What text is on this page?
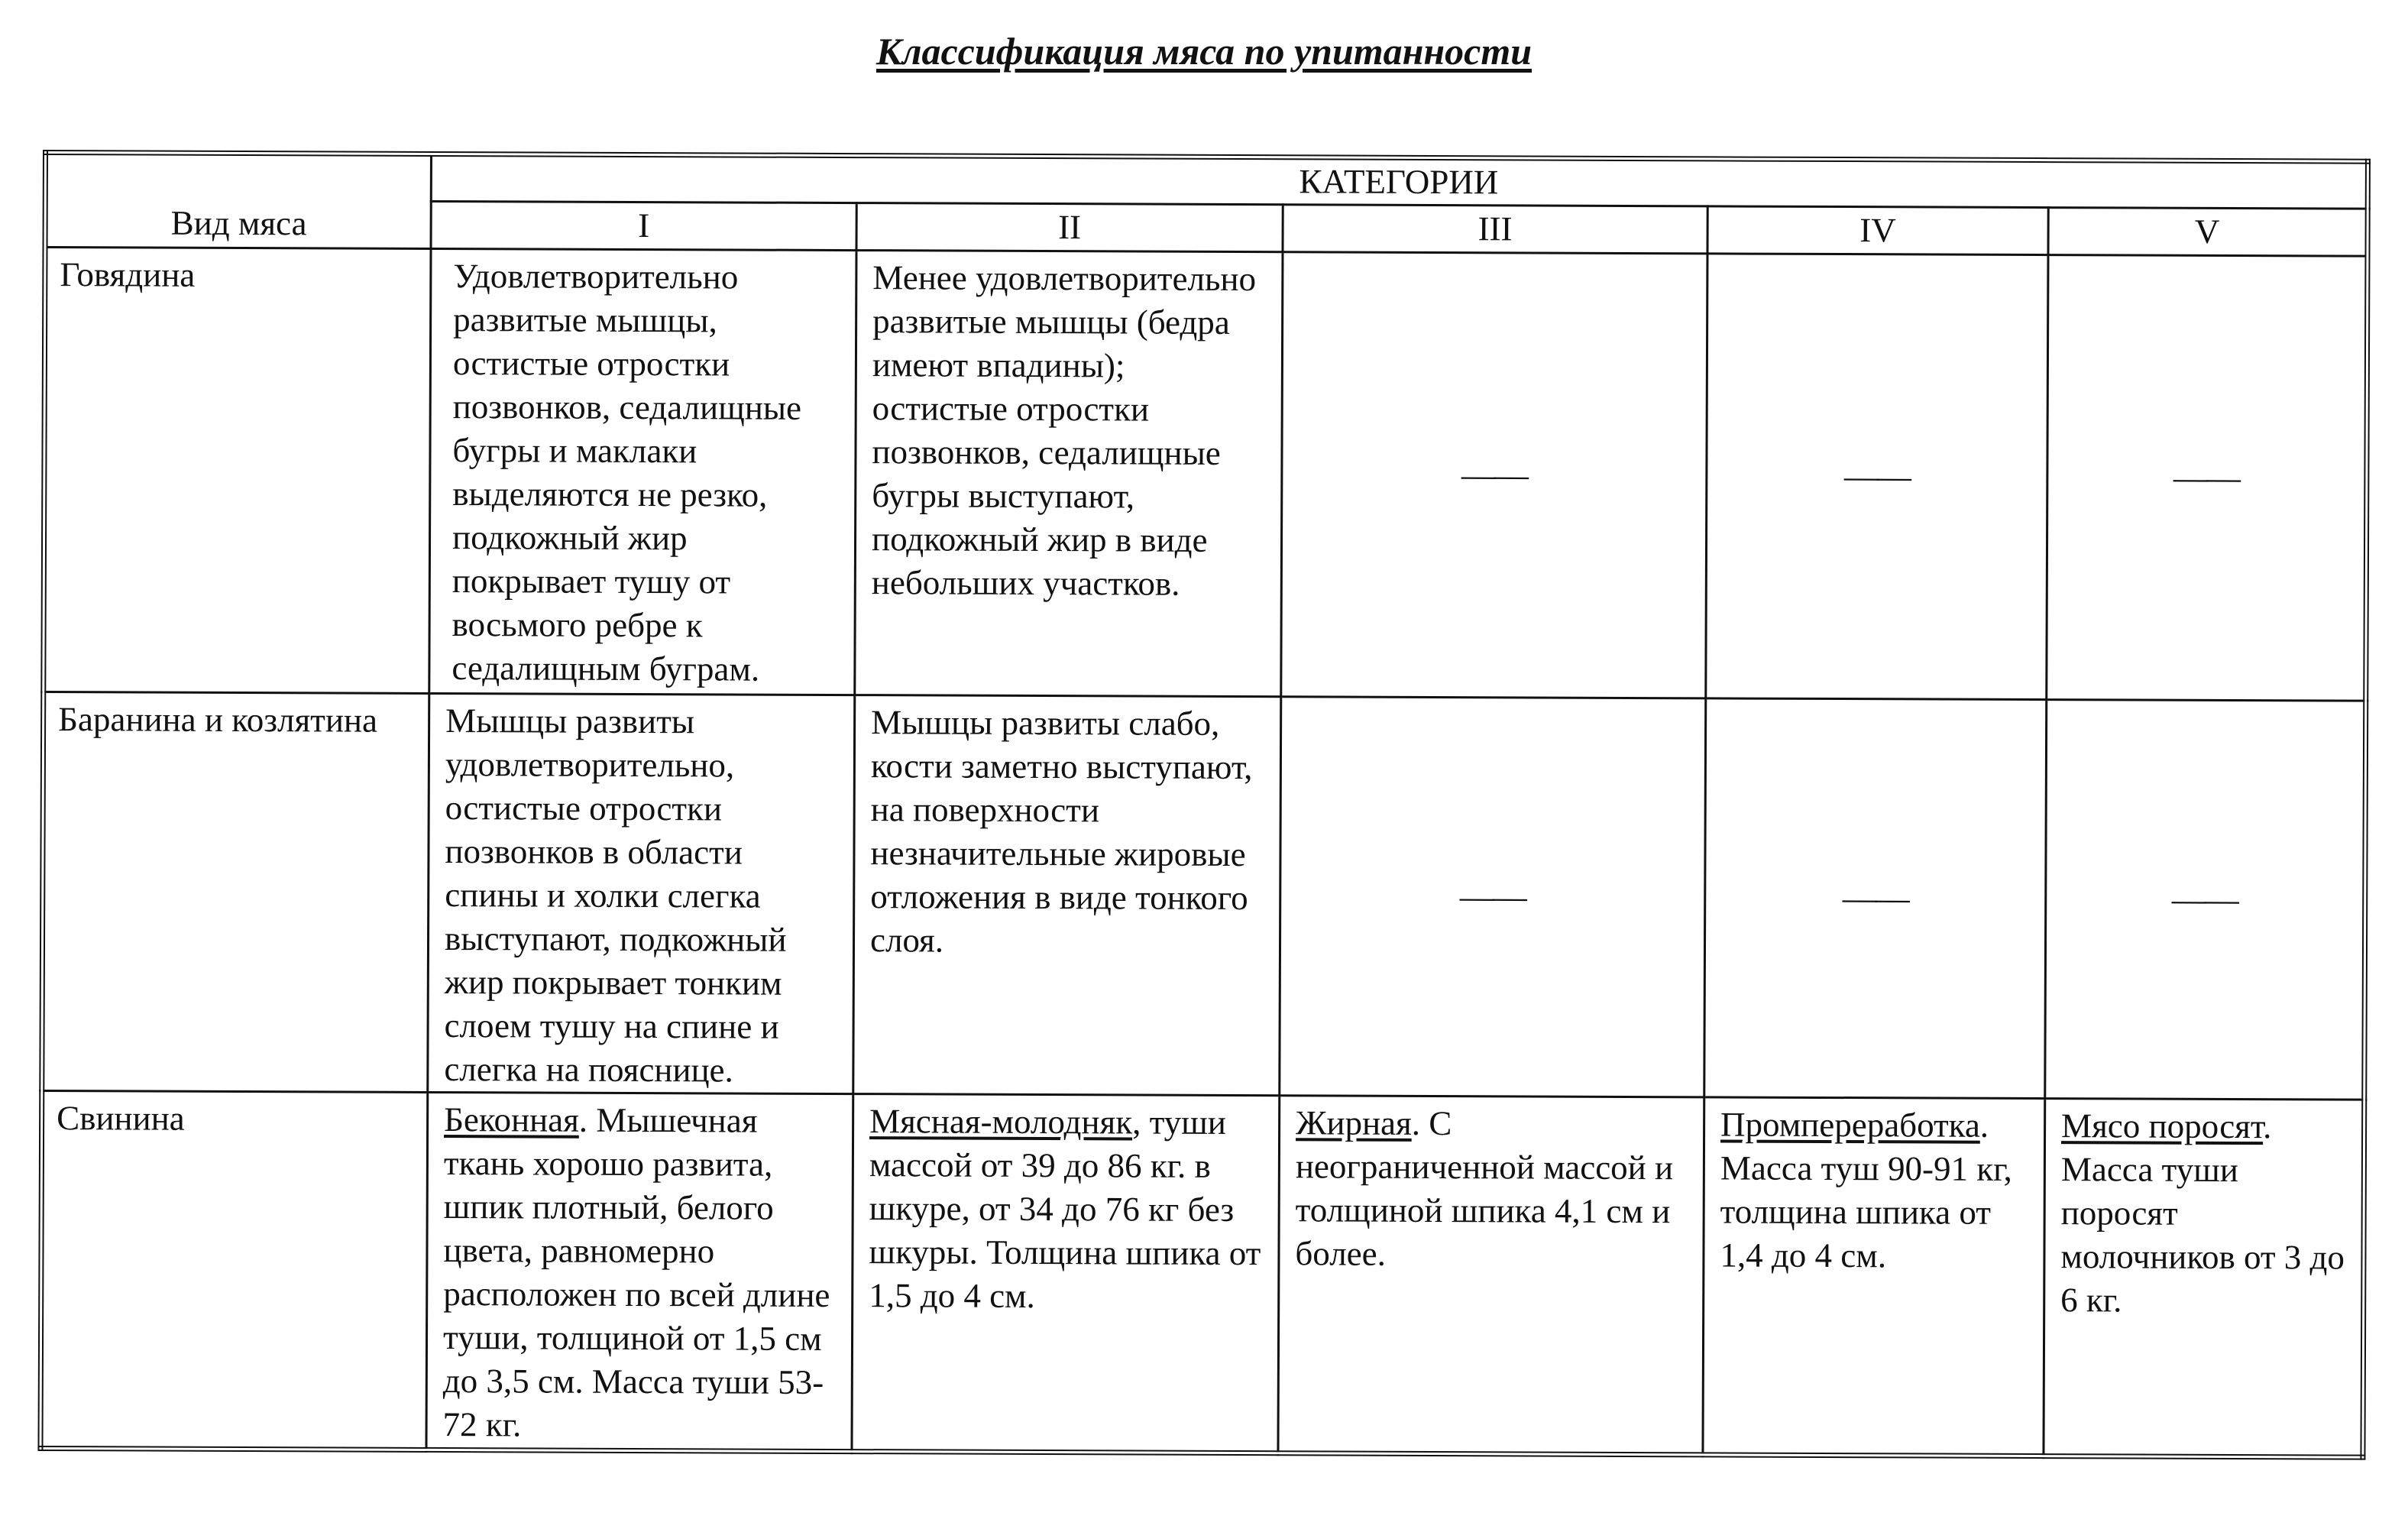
Классификация мяса по упитанности
Вид мяса	КАТЕГОРИИ				
	I	II	III	IV	V
Говядина	Удовлетворительно развитые мышцы, остистые отростки позвонков, седалищные бугры и маклаки выделяются не резко, подкожный жир покрывает тушу от восьмого ребре к седалищным буграм.	Менее удовлетворительно развитые мышцы (бедра имеют впадины); остистые отростки позвонков, седалищные бугры выступают, подкожный жир в виде небольших участков.	——	——	——
Баранина и козлятина	Мышцы развиты удовлетворительно, остистые отростки позвонков в области спины и холки слегка выступают, подкожный жир покрывает тонким слоем тушу на спине и слегка на пояснице.	Мышцы развиты слабо, кости заметно выступают, на поверхности незначительные жировые отложения в виде тонкого слоя.	——	——	——
Свинина	Беконная. Мышечная ткань хорошо развита, шпик плотный, белого цвета, равномерно расположен по всей длине туши, толщиной от 1,5 см до 3,5 см. Масса туши 53-72 кг.	Мясная-молодняк, туши массой от 39 до 86 кг. в шкуре, от 34 до 76 кг без шкуры. Толщина шпика от 1,5 до 4 см.	Жирная. С неограниченной массой и толщиной шпика 4,1 см и более.	Промпереработка. Масса туш 90-91 кг, толщина шпика от 1,4 до 4 см.	Мясо поросят. Масса туши поросят молочников от 3 до 6 кг.
